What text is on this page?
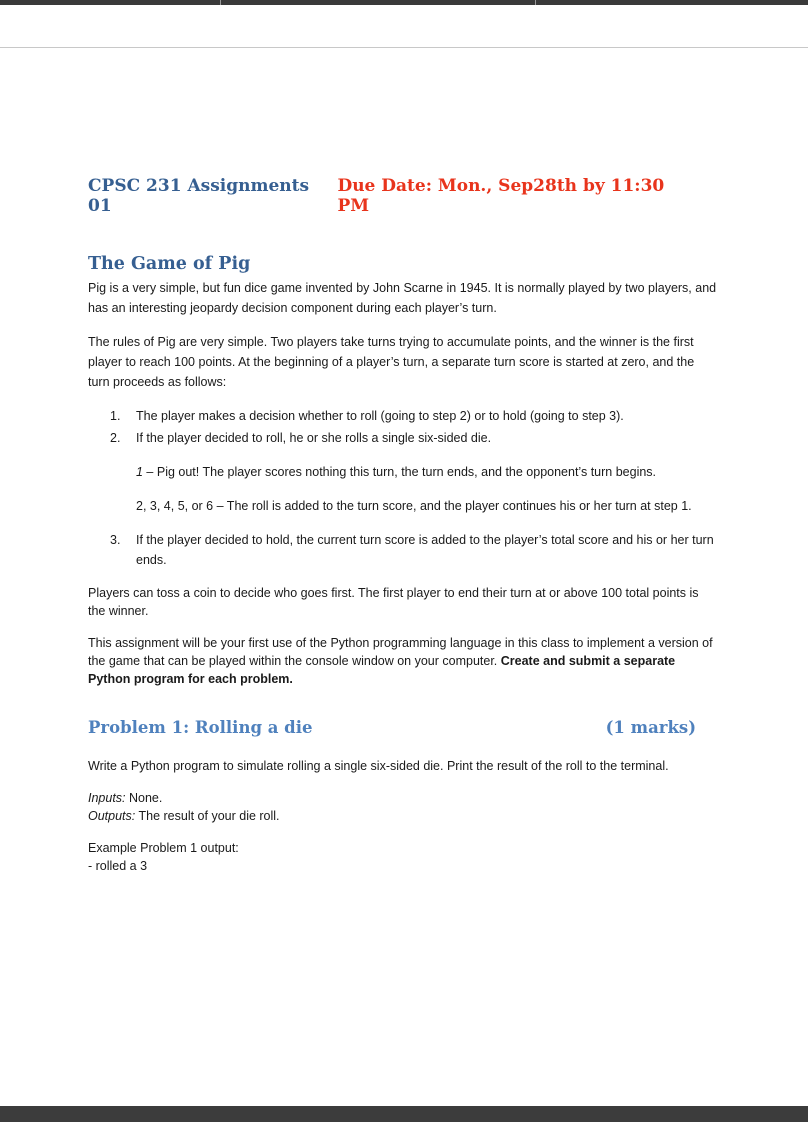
CPSC 231 Assignments 01
Due Date: Mon., Sep28th by 11:30 PM
The Game of Pig

Pig is a very simple, but fun dice game invented by John Scarne in 1945. It is normally played by two players, and has an interesting jeopardy decision component during each player’s turn.

The rules of Pig are very simple. Two players take turns trying to accumulate points, and the winner is the first player to reach 100 points. At the beginning of a player’s turn, a separate turn score is started at zero, and the turn proceeds as follows:

1. The player makes a decision whether to roll (going to step 2) or to hold (going to step 3).
2. If the player decided to roll, he or she rolls a single six-sided die.
1 – Pig out! The player scores nothing this turn, the turn ends, and the opponent’s turn begins.
2, 3, 4, 5, or 6 – The roll is added to the turn score, and the player continues his or her turn at step 1.
3. If the player decided to hold, the current turn score is added to the player’s total score and his or her turn ends.

Players can toss a coin to decide who goes first. The first player to end their turn at or above 100 total points is the winner.

This assignment will be your first use of the Python programming language in this class to implement a version of the game that can be played within the console window on your computer. Create and submit a separate Python program for each problem.

Problem 1: Rolling a die	(1 marks)

Write a Python program to simulate rolling a single six-sided die. Print the result of the roll to the terminal.

Inputs: None.

Outputs: The result of your die roll.

Example Problem 1 output:

- rolled a 3
